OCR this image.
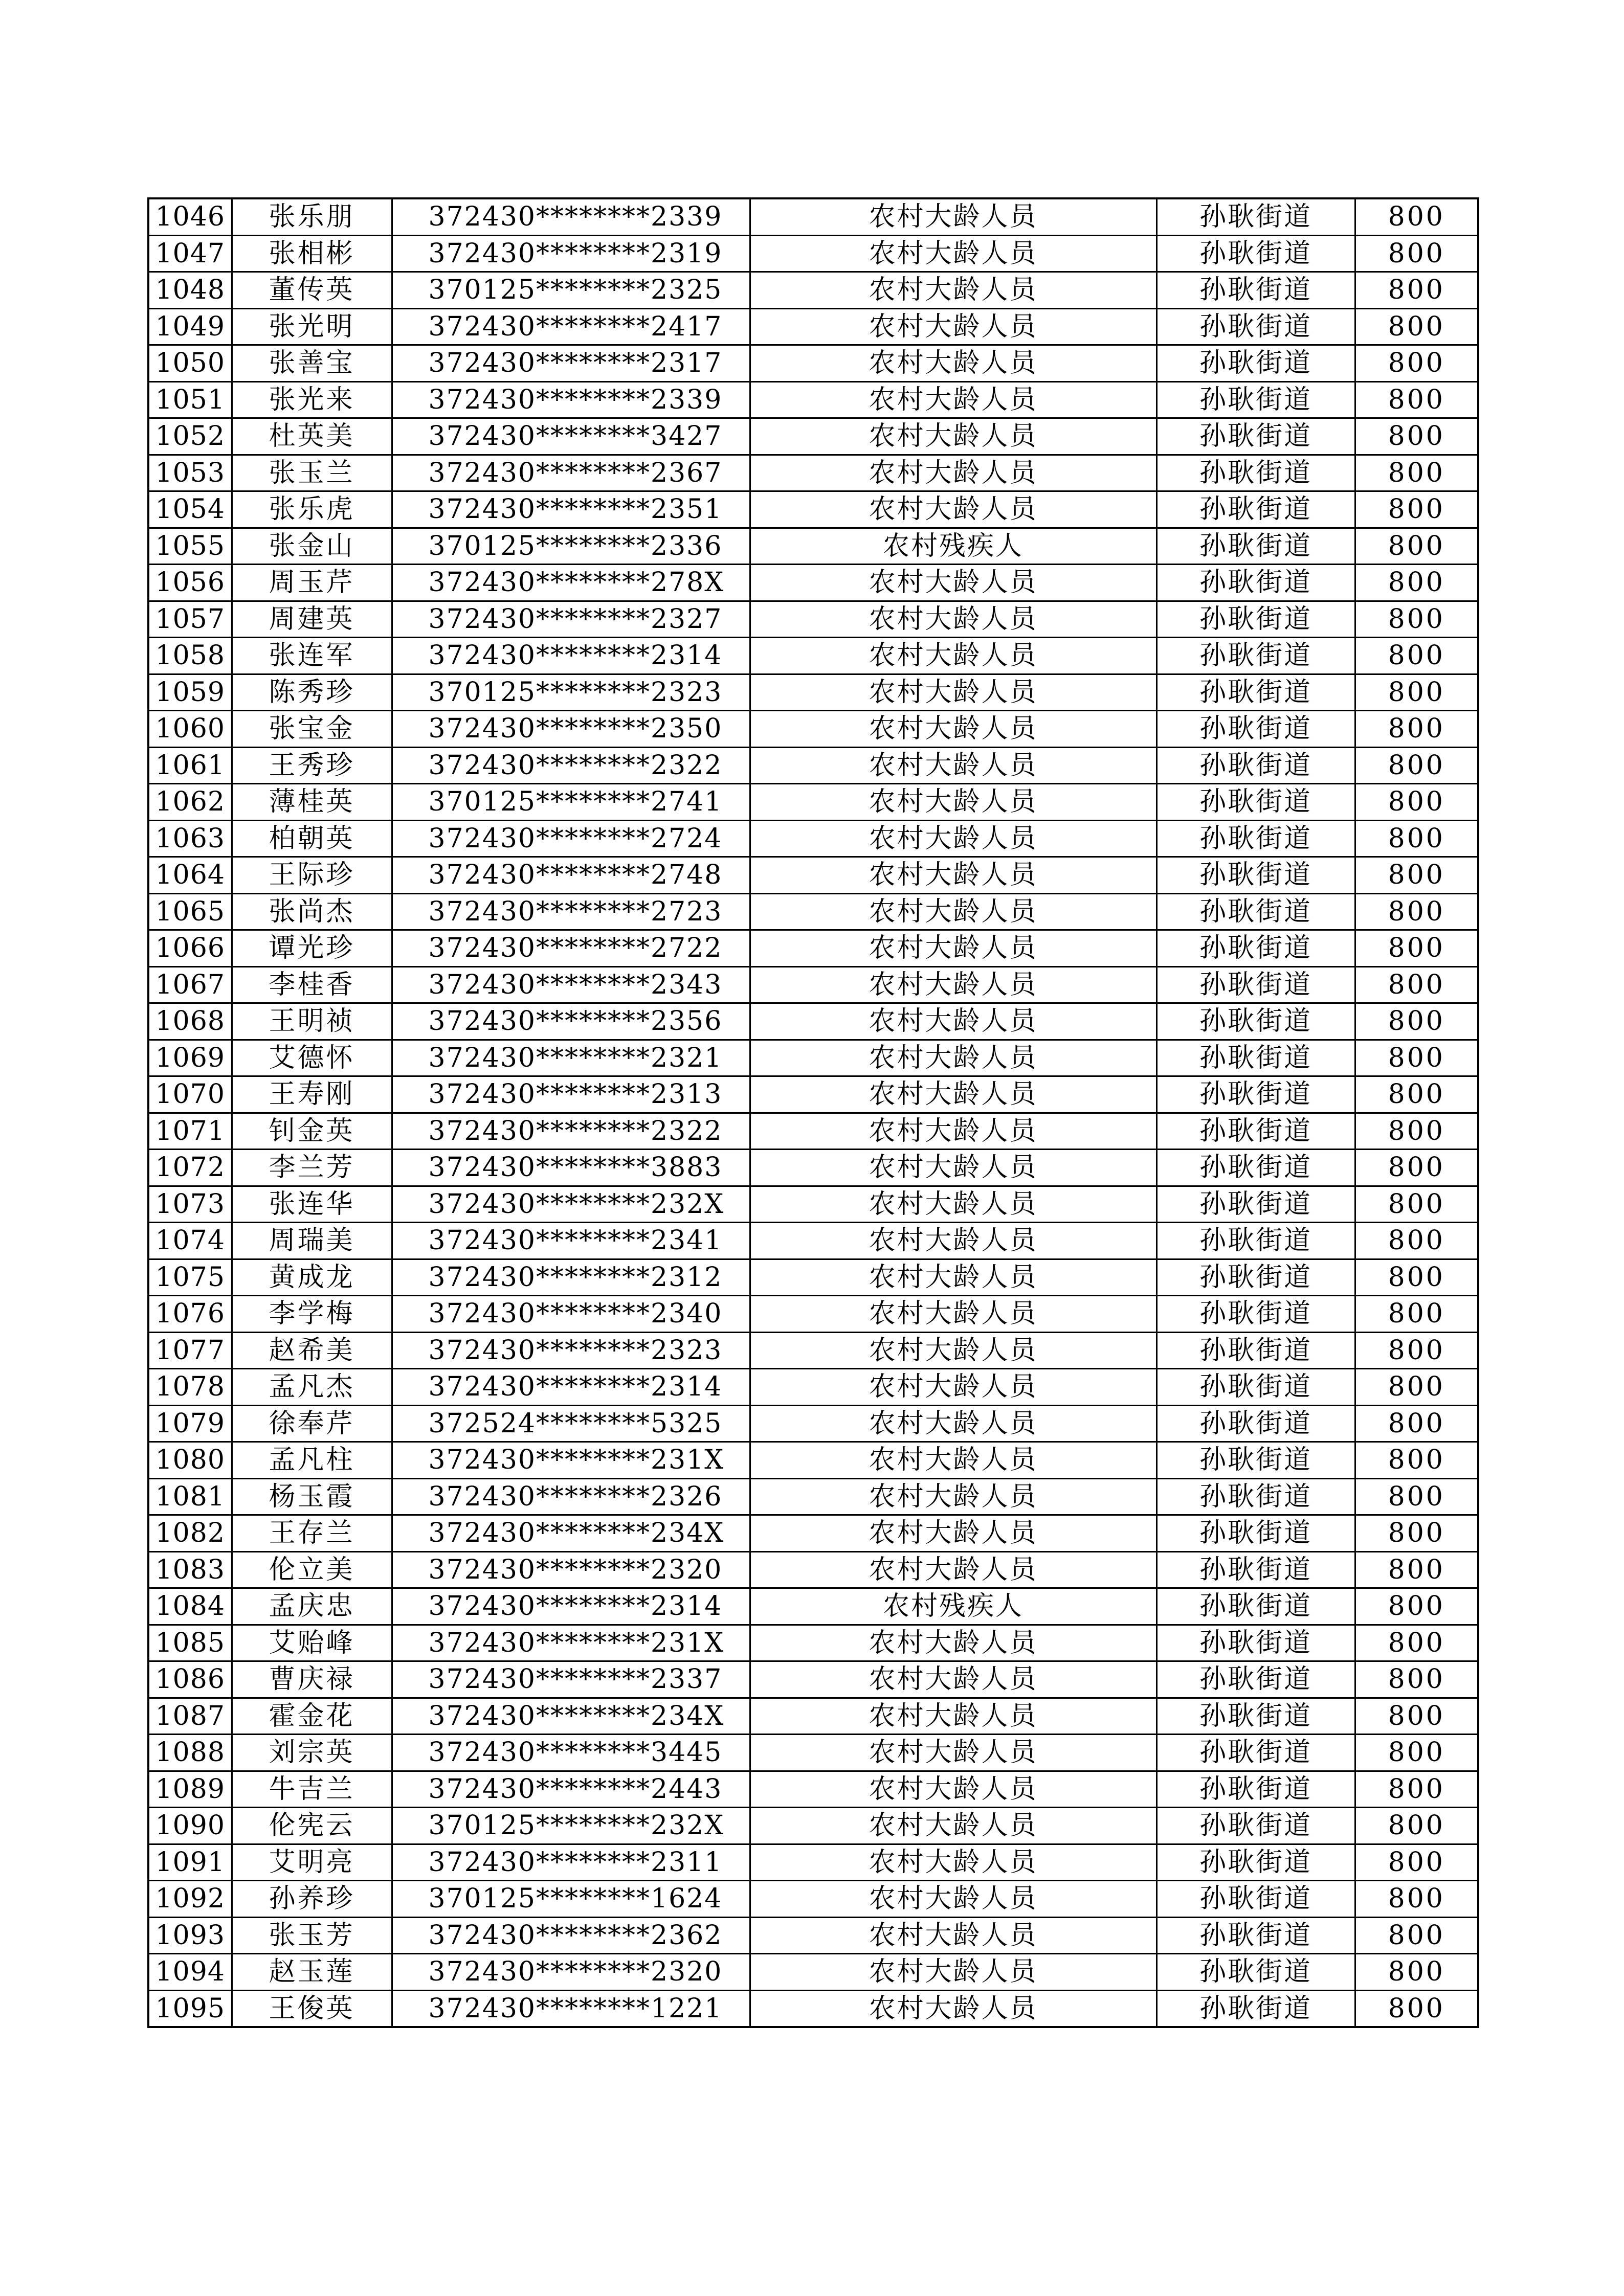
1046	张乐朋	372430********2339	农村大龄人员	孙耿街道	800
1047	张相彬	372430********2319	农村大龄人员	孙耿街道	800
1048	董传英	370125********2325	农村大龄人员	孙耿街道	800
1049	张光明	372430********2417	农村大龄人员	孙耿街道	800
1050	张善宝	372430********2317	农村大龄人员	孙耿街道	800
1051	张光来	372430********2339	农村大龄人员	孙耿街道	800
1052	杜英美	372430********3427	农村大龄人员	孙耿街道	800
1053	张玉兰	372430********2367	农村大龄人员	孙耿街道	800
1054	张乐虎	372430********2351	农村大龄人员	孙耿街道	800
1055	张金山	370125********2336	农村残疾人	孙耿街道	800
1056	周玉芹	372430********278X	农村大龄人员	孙耿街道	800
1057	周建英	372430********2327	农村大龄人员	孙耿街道	800
1058	张连军	372430********2314	农村大龄人员	孙耿街道	800
1059	陈秀珍	370125********2323	农村大龄人员	孙耿街道	800
1060	张宝金	372430********2350	农村大龄人员	孙耿街道	800
1061	王秀珍	372430********2322	农村大龄人员	孙耿街道	800
1062	薄桂英	370125********2741	农村大龄人员	孙耿街道	800
1063	柏朝英	372430********2724	农村大龄人员	孙耿街道	800
1064	王际珍	372430********2748	农村大龄人员	孙耿街道	800
1065	张尚杰	372430********2723	农村大龄人员	孙耿街道	800
1066	谭光珍	372430********2722	农村大龄人员	孙耿街道	800
1067	李桂香	372430********2343	农村大龄人员	孙耿街道	800
1068	王明祯	372430********2356	农村大龄人员	孙耿街道	800
1069	艾德怀	372430********2321	农村大龄人员	孙耿街道	800
1070	王寿刚	372430********2313	农村大龄人员	孙耿街道	800
1071	钊金英	372430********2322	农村大龄人员	孙耿街道	800
1072	李兰芳	372430********3883	农村大龄人员	孙耿街道	800
1073	张连华	372430********232X	农村大龄人员	孙耿街道	800
1074	周瑞美	372430********2341	农村大龄人员	孙耿街道	800
1075	黄成龙	372430********2312	农村大龄人员	孙耿街道	800
1076	李学梅	372430********2340	农村大龄人员	孙耿街道	800
1077	赵希美	372430********2323	农村大龄人员	孙耿街道	800
1078	孟凡杰	372430********2314	农村大龄人员	孙耿街道	800
1079	徐奉芹	372524********5325	农村大龄人员	孙耿街道	800
1080	孟凡柱	372430********231X	农村大龄人员	孙耿街道	800
1081	杨玉霞	372430********2326	农村大龄人员	孙耿街道	800
1082	王存兰	372430********234X	农村大龄人员	孙耿街道	800
1083	伦立美	372430********2320	农村大龄人员	孙耿街道	800
1084	孟庆忠	372430********2314	农村残疾人	孙耿街道	800
1085	艾贻峰	372430********231X	农村大龄人员	孙耿街道	800
1086	曹庆禄	372430********2337	农村大龄人员	孙耿街道	800
1087	霍金花	372430********234X	农村大龄人员	孙耿街道	800
1088	刘宗英	372430********3445	农村大龄人员	孙耿街道	800
1089	牛吉兰	372430********2443	农村大龄人员	孙耿街道	800
1090	伦宪云	370125********232X	农村大龄人员	孙耿街道	800
1091	艾明亮	372430********2311	农村大龄人员	孙耿街道	800
1092	孙养珍	370125********1624	农村大龄人员	孙耿街道	800
1093	张玉芳	372430********2362	农村大龄人员	孙耿街道	800
1094	赵玉莲	372430********2320	农村大龄人员	孙耿街道	800
1095	王俊英	372430********1221	农村大龄人员	孙耿街道	800
